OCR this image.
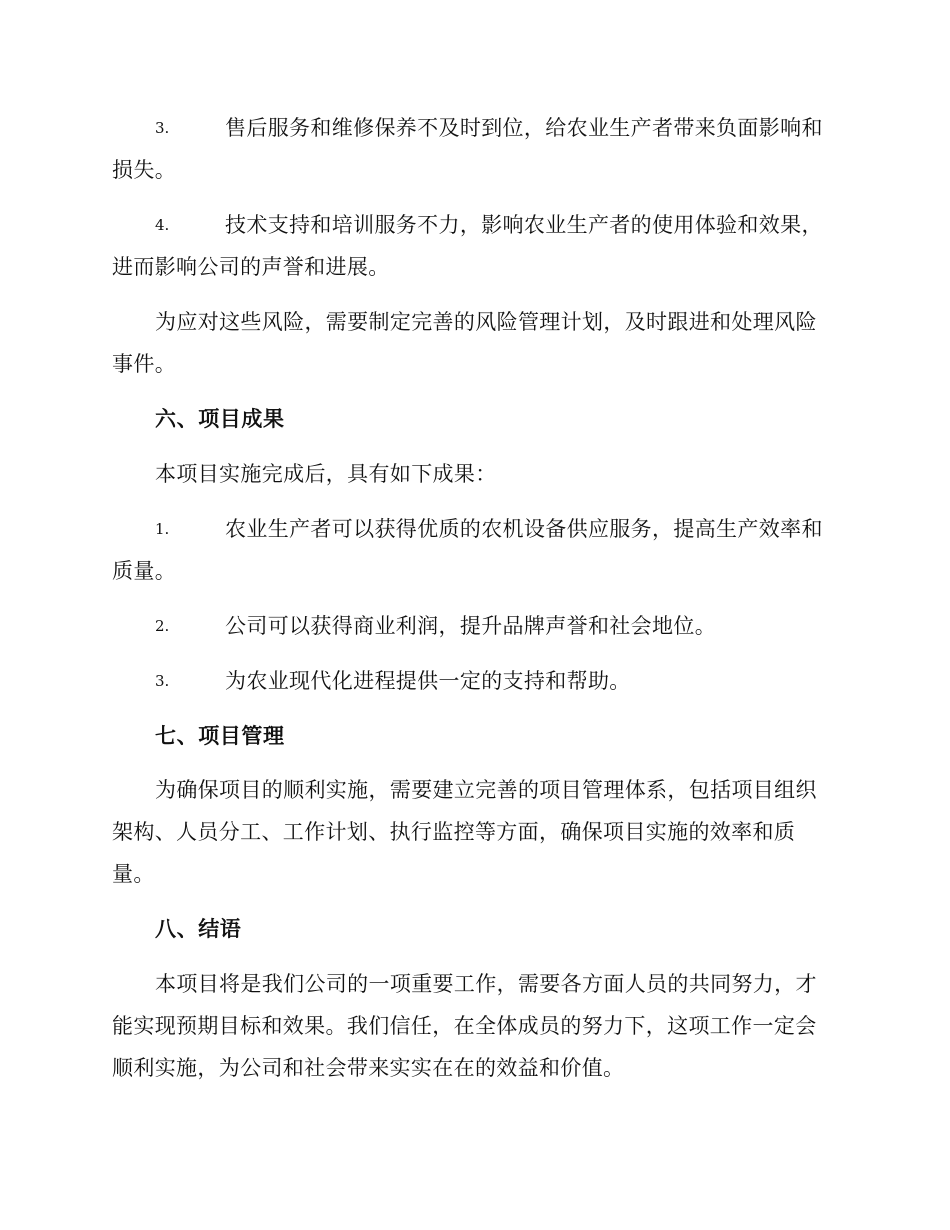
3.	售后服务和维修保养不及时到位，给农业生产者带来负面影响和
损失。
4.	技术支持和培训服务不力，影响农业生产者的使用体验和效果，
进而影响公司的声誉和进展。
为应对这些风险，需要制定完善的风险管理计划，及时跟进和处理风险
事件。
六、项目成果
本项目实施完成后，具有如下成果：
1.	农业生产者可以获得优质的农机设备供应服务，提高生产效率和
质量。
2.	公司可以获得商业利润，提升品牌声誉和社会地位。
3.	为农业现代化进程提供一定的支持和帮助。
七、项目管理
为确保项目的顺利实施，需要建立完善的项目管理体系，包括项目组织
架构、人员分工、工作计划、执行监控等方面，确保项目实施的效率和质
量。
八、结语
本项目将是我们公司的一项重要工作，需要各方面人员的共同努力，才
能实现预期目标和效果。我们信任，在全体成员的努力下，这项工作一定会
顺利实施，为公司和社会带来实实在在的效益和价值。
